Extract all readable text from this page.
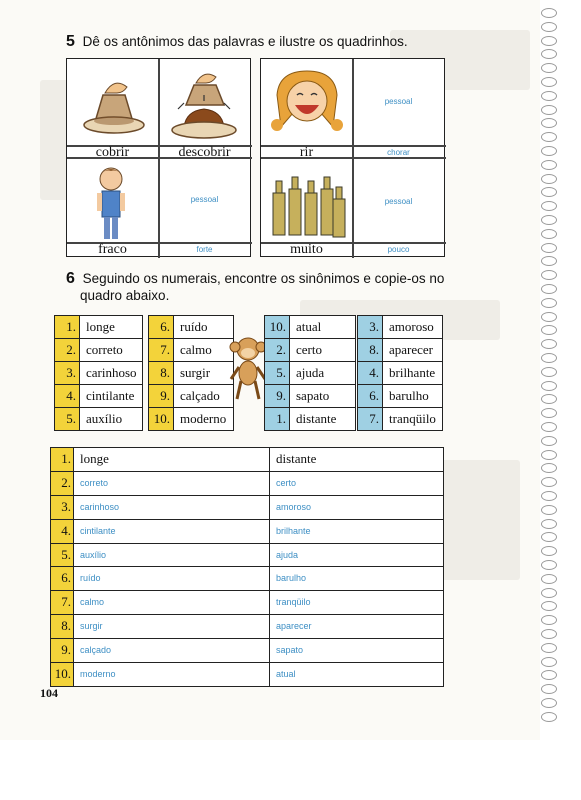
5 Dê os antônimos das palavras e ilustre os quadrinhos.
cobrir	descobrir
pessoal
fraco	forte
pessoal
rir	chorar
pessoal
muito	pouco
6 Seguindo os numerais, encontre os sinônimos e copie-os no
quadro abaixo.
1. longe
2. correto
3. carinhoso
4. cintilante
5. auxílio
6. ruído
7. calmo
8. surgir
9. calçado
10. moderno
10. atual
2. certo
5. ajuda
9. sapato
1. distante
3. amoroso
8. aparecer
4. brilhante
6. barulho
7. tranqüilo
1. longe	distante
2.	correto	certo
3.	carinhoso	amoroso
4.	cintilante	brilhante
5.	auxílio	ajuda
6.	ruído	barulho
7.	calmo	tranqüilo
8.	surgir	aparecer
9.	calçado	sapato
10.	moderno	atual
104
